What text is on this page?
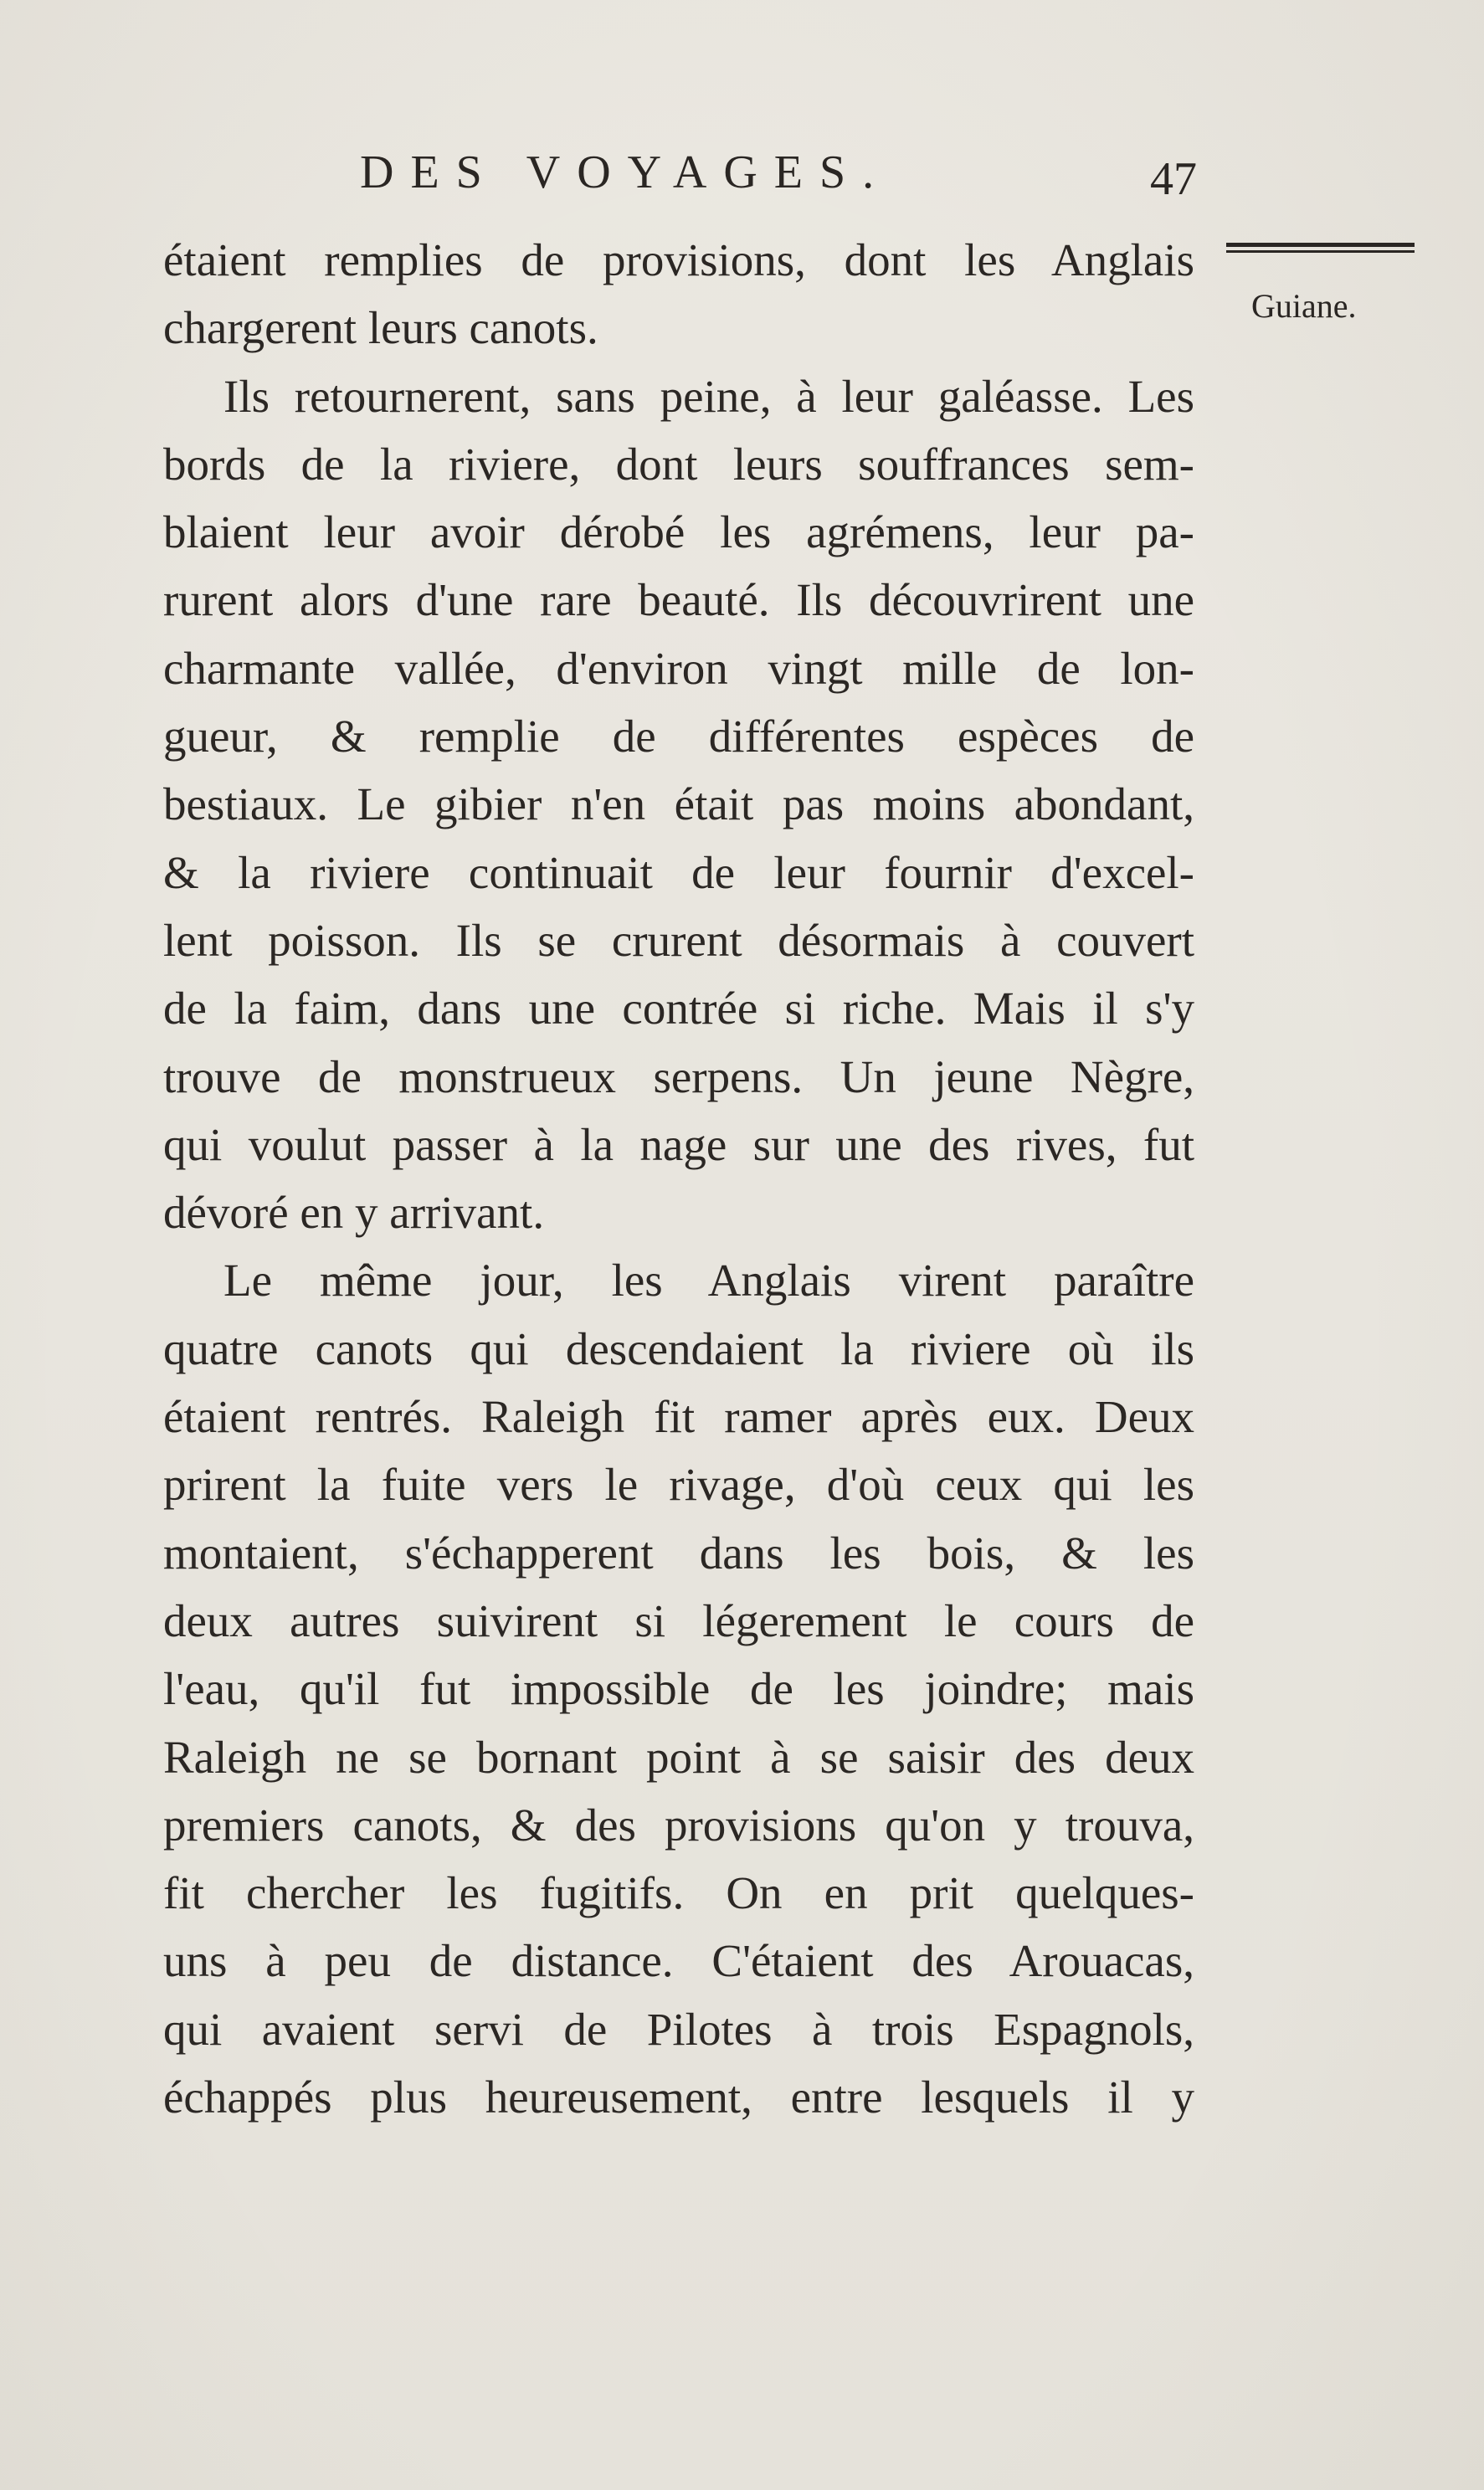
DES VOYAGES.	47
Guiane.
étaient remplies de provisions, dont les Anglais
chargerent leurs canots.
Ils retournerent, sans peine, à leur galéasse. Les
bords de la riviere, dont leurs souffrances sem-
blaient leur avoir dérobé les agrémens, leur pa-
rurent alors d'une rare beauté. Ils découvrirent une
charmante vallée, d'environ vingt mille de lon-
gueur, & remplie de différentes espèces de
bestiaux. Le gibier n'en était pas moins abondant,
& la riviere continuait de leur fournir d'excel-
lent poisson. Ils se crurent désormais à couvert
de la faim, dans une contrée si riche. Mais il s'y
trouve de monstrueux serpens. Un jeune Nègre,
qui voulut passer à la nage sur une des rives, fut
dévoré en y arrivant.
Le même jour, les Anglais virent paraître
quatre canots qui descendaient la riviere où ils
étaient rentrés. Raleigh fit ramer après eux. Deux
prirent la fuite vers le rivage, d'où ceux qui les
montaient, s'échapperent dans les bois, & les
deux autres suivirent si légerement le cours de
l'eau, qu'il fut impossible de les joindre; mais
Raleigh ne se bornant point à se saisir des deux
premiers canots, & des provisions qu'on y trouva,
fit chercher les fugitifs. On en prit quelques-
uns à peu de distance. C'étaient des Arouacas,
qui avaient servi de Pilotes à trois Espagnols,
échappés plus heureusement, entre lesquels il y
